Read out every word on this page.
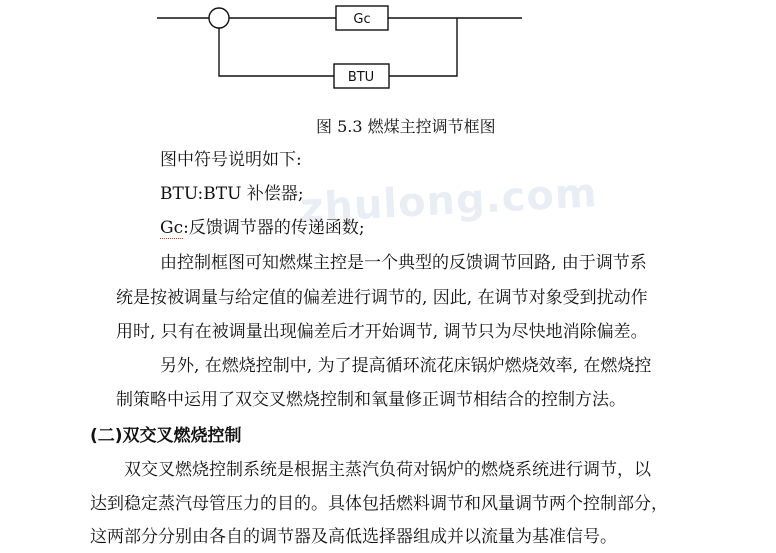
Gc
BTU
zhulong.com
图 5.3 燃煤主控调节框图
图中符号说明如下:
BTU:BTU 补偿器;
Gc:反馈调节器的传递函数;
由控制框图可知燃煤主控是一个典型的反馈调节回路, 由于调节系
统是按被调量与给定值的偏差进行调节的, 因此, 在调节对象受到扰动作
用时, 只有在被调量出现偏差后才开始调节, 调节只为尽快地消除偏差。
另外, 在燃烧控制中, 为了提高循环流花床锅炉燃烧效率, 在燃烧控
制策略中运用了双交叉燃烧控制和氧量修正调节相结合的控制方法。
(二)双交叉燃烧控制
双交叉燃烧控制系统是根据主蒸汽负荷对锅炉的燃烧系统进行调节，以
达到稳定蒸汽母管压力的目的。具体包括燃料调节和风量调节两个控制部分，
这两部分分别由各自的调节器及高低选择器组成并以流量为基准信号。
